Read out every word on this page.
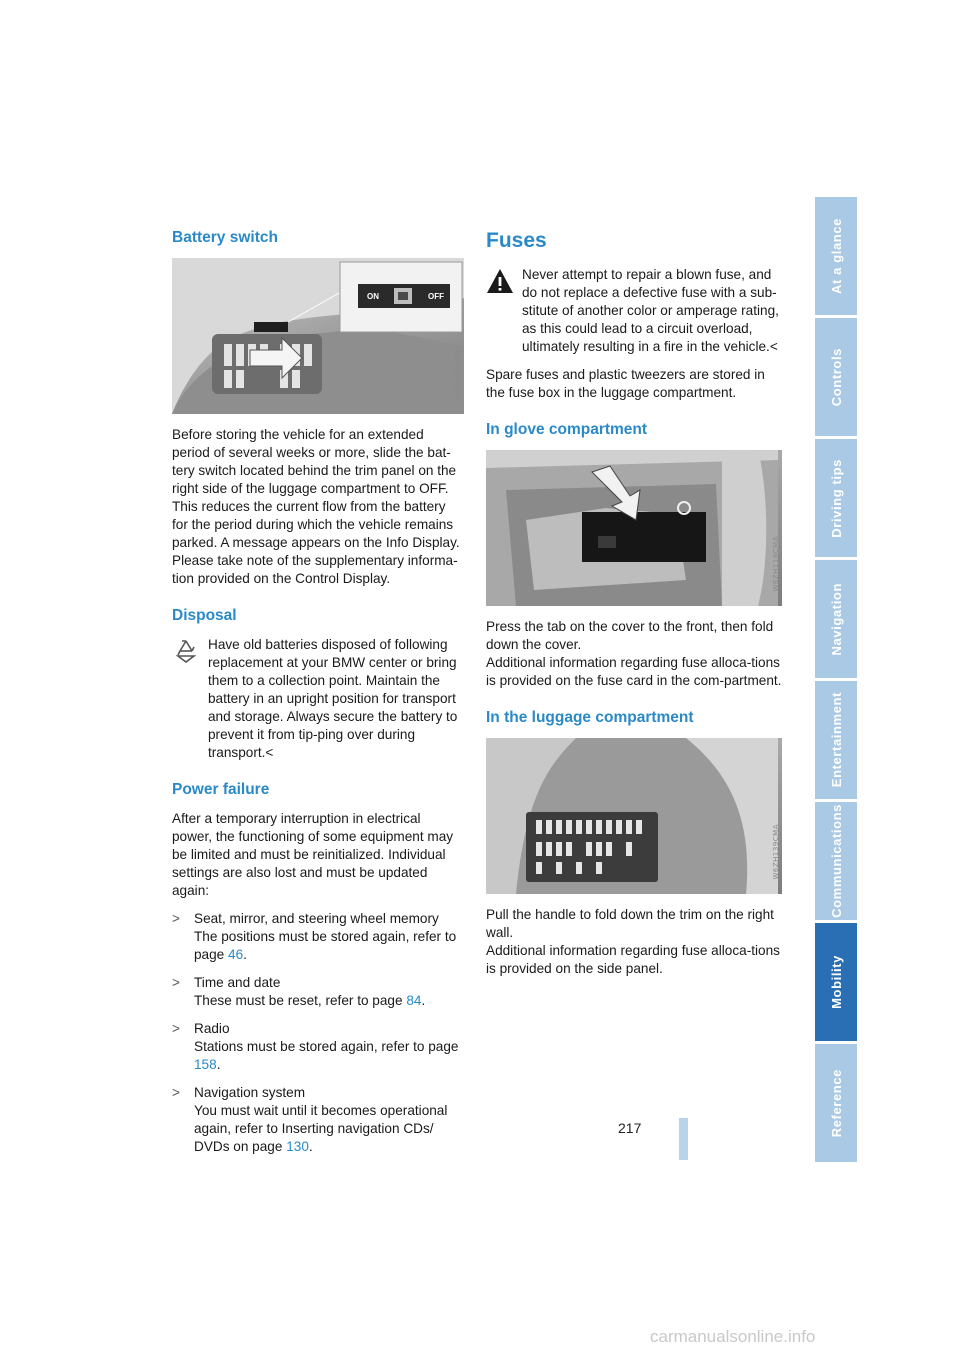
Battery switch
ON	OFF
W6ZH429CMA

Before storing the vehicle for an extended period of several weeks or more, slide the bat-tery switch located behind the trim panel on the right side of the luggage compartment to OFF. This reduces the current flow from the battery for the period during which the vehicle remains parked. A message appears on the Info Display. Please take note of the supplementary informa-tion provided on the Control Display.

Disposal

Have old batteries disposed of following replacement at your BMW center or bring them to a collection point. Maintain the battery in an upright position for transport and storage. Always secure the battery to prevent it from tip-ping over during transport.<

Power failure

After a temporary interruption in electrical power, the functioning of some equipment may be limited and must be reinitialized. Individual settings are also lost and must be updated again:

> Seat, mirror, and steering wheel memory
The positions must be stored again, refer to page 46.
> Time and date
These must be reset, refer to page 84.
> Radio
Stations must be stored again, refer to page 158.
> Navigation system
You must wait until it becomes operational again, refer to Inserting navigation CDs/ DVDs on page 130.
Fuses

Never attempt to repair a blown fuse, and do not replace a defective fuse with a sub-stitute of another color or amperage rating, as this could lead to a circuit overload, ultimately resulting in a fire in the vehicle.<

Spare fuses and plastic tweezers are stored in the fuse box in the luggage compartment.

In glove compartment
W6ZH118CMA

Press the tab on the cover to the front, then fold down the cover.

Additional information regarding fuse alloca-tions is provided on the fuse card in the com-partment.

In the luggage compartment
W6ZH139CMA

Pull the handle to fold down the trim on the right wall.

Additional information regarding fuse alloca-tions is provided on the side panel.

217
At a glance
Controls
Driving tips
Navigation
Entertainment
Communications
Mobility
Reference
carmanualsonline.info
